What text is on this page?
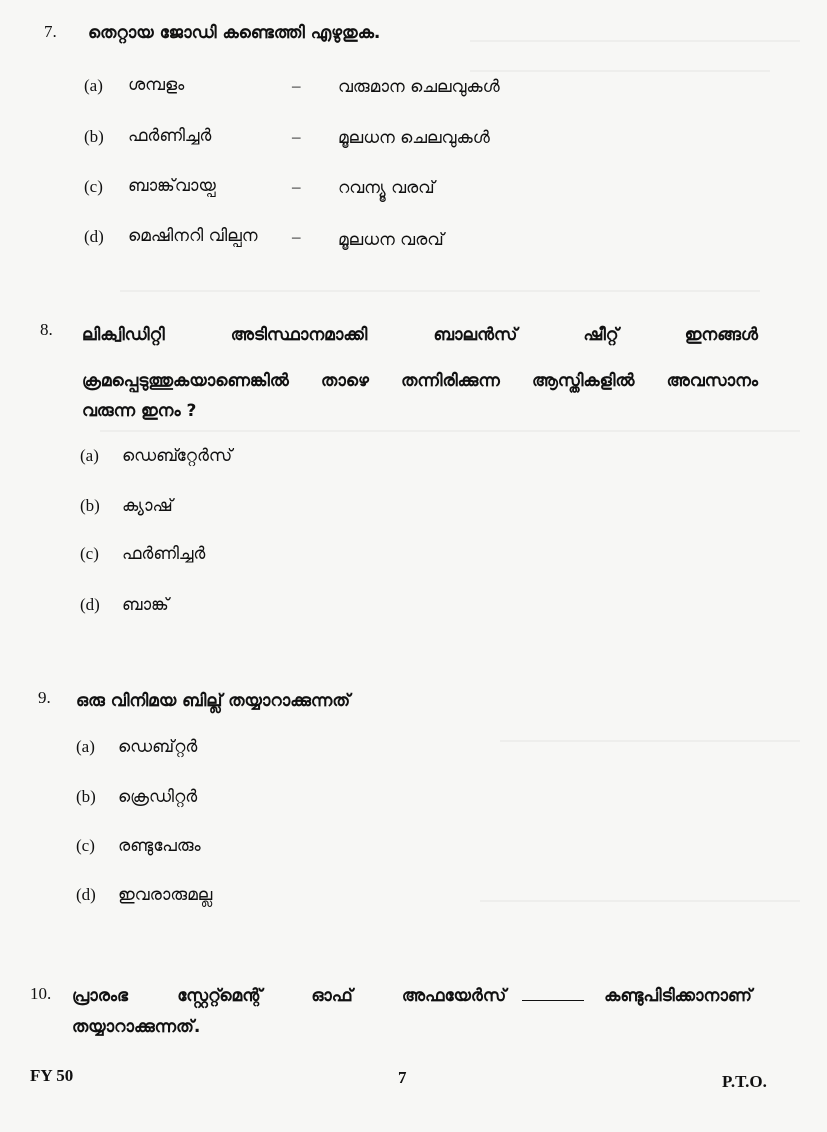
7. തെറ്റായ ജോഡി കണ്ടെത്തി എഴുതുക.
(a) ശമ്പളം	– വരുമാന ചെലവുകൾ
(b) ഫർണിച്ചർ	– മൂലധന ചെലവുകൾ
(c) ബാങ്ക്‌വായ്പ	– റവന്യൂ വരവ്
(d) മെഷിനറി വില്പന – മൂലധന വരവ്
8. ലിക്വിഡിറ്റി അടിസ്ഥാനമാക്കി ബാലൻസ് ഷീറ്റ് ഇനങ്ങൾ
ക്രമപ്പെടുത്തുകയാണെങ്കിൽ താഴെ തന്നിരിക്കുന്ന ആസ്തികളിൽ അവസാനം
വരുന്ന ഇനം ?
(a) ഡെബ്റ്റേർസ്
(b) ക്യാഷ്
(c) ഫർണിച്ചർ
(d) ബാങ്ക്
9. ഒരു വിനിമയ ബില്ല് തയ്യാറാക്കുന്നത്
(a) ഡെബ്റ്റർ
(b) ക്രെഡിറ്റർ
(c) രണ്ടുപേരും
(d) ഇവരാരുമല്ല
10. പ്രാരംഭ സ്റ്റേറ്റ്മെന്റ് ഓഫ് അഫയേർസ്	കണ്ടുപിടിക്കാനാണ്
തയ്യാറാക്കുന്നത്.
FY 50	7	P.T.O.
